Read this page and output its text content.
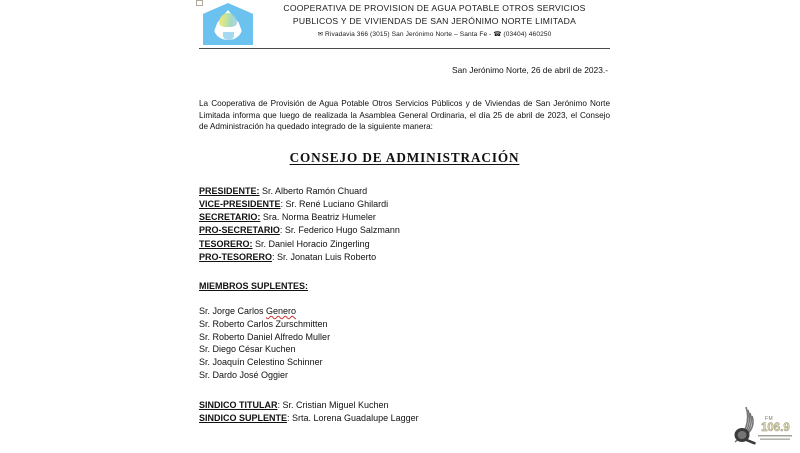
COOPERATIVA DE PROVISION DE AGUA POTABLE OTROS SERVICIOS
PUBLICOS Y DE VIVIENDAS DE SAN JERÓNIMO NORTE LIMITADA
✉ Rivadavia 366 (3015) San Jerónimo Norte – Santa Fe - ☎ (03404) 460250
San Jerónimo Norte, 26 de abril de 2023.-
La Cooperativa de Provisión de Agua Potable Otros Servicios Públicos y de Viviendas de San Jerónimo Norte Limitada informa que luego de realizada la Asamblea General Ordinaria, el día 25 de abril de 2023, el Consejo de Administración ha quedado integrado de la siguiente manera:
CONSEJO DE ADMINISTRACIÓN
PRESIDENTE: Sr. Alberto Ramón Chuard
VICE-PRESIDENTE: Sr. René Luciano Ghilardi
SECRETARIO: Sra. Norma Beatriz Humeler
PRO-SECRETARIO: Sr. Federico Hugo Salzmann
TESORERO: Sr. Daniel Horacio Zingerling
PRO-TESORERO: Sr. Jonatan Luis Roberto
MIEMBROS SUPLENTES:
Sr. Jorge Carlos Genero
Sr. Roberto Carlos Zurschmitten
Sr. Roberto Daniel Alfredo Muller
Sr. Diego César Kuchen
Sr. Joaquín Celestino Schinner
Sr. Dardo José Oggier
SINDICO TITULAR: Sr. Cristian Miguel Kuchen
SINDICO SUPLENTE: Srta. Lorena Guadalupe Lagger	FM
106.9
